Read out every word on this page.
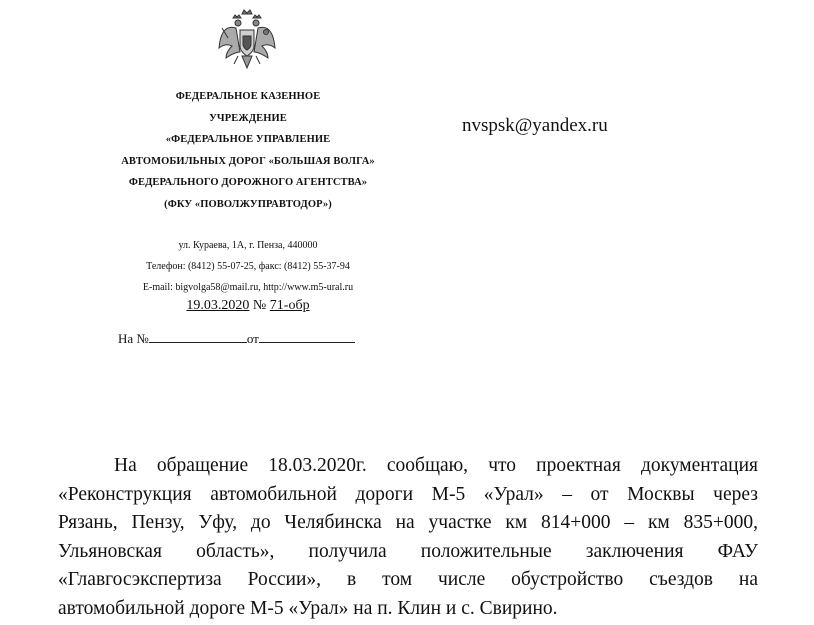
ФЕДЕРАЛЬНОЕ КАЗЕННОЕ
УЧРЕЖДЕНИЕ
«ФЕДЕРАЛЬНОЕ УПРАВЛЕНИЕ
АВТОМОБИЛЬНЫХ ДОРОГ «БОЛЬШАЯ ВОЛГА»
ФЕДЕРАЛЬНОГО ДОРОЖНОГО АГЕНТСТВА»
(ФКУ «ПОВОЛЖУПРАВТОДОР»)
ул. Кураева, 1А, г. Пенза, 440000
Телефон: (8412) 55-07-25, факс: (8412) 55-37-94
E-mail: bigvolga58@mail.ru, http://www.m5-ural.ru
19.03.2020 № 71-обр
На №	от
nvspsk@yandex.ru
На обращение 18.03.2020г. сообщаю, что проектная документация
«Реконструкция автомобильной дороги М-5 «Урал» – от Москвы через
Рязань, Пензу, Уфу, до Челябинска на участке км 814+000 – км 835+000,
Ульяновская область», получила положительные заключения ФАУ
«Главгосэкспертиза России», в том числе обустройство съездов на
автомобильной дороге М-5 «Урал» на п. Клин и с. Свирино.
